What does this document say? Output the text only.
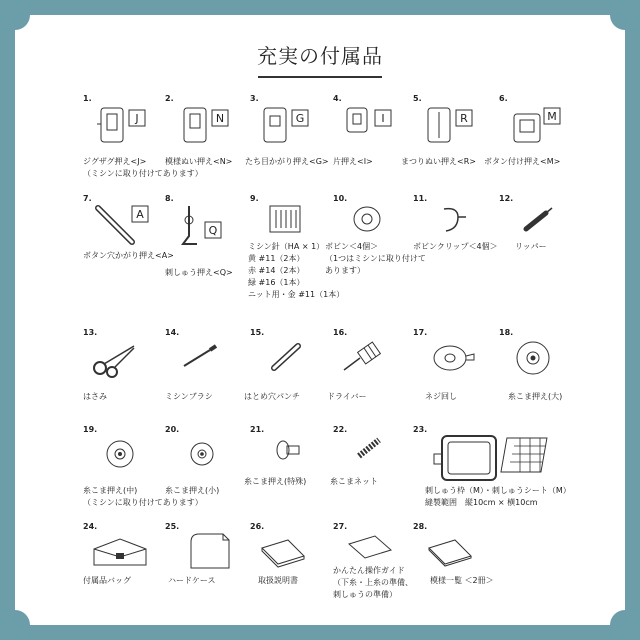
充実の付属品
1.
J
ジグザグ押え<J>
（ミシンに取り付けてあります）
2.
N
模様ぬい押え<N>
3.
G
たち目かがり押え<G>
4.
I
片押え<I>
5.
R
まつりぬい押え<R>
6.
M
ボタン付け押え<M>
7.
A
ボタン穴かがり押え<A>
8.
Q
刺しゅう押え<Q>
9.
ミシン針（HA × 1）
黄 #11（2本）
赤 #14（2本）
緑 #16（1本）
ニット用・金 #11（1本）
10.
ボビン＜4個＞
（1つはミシンに取り付けて
あります）
11.
ボビンクリップ＜4個＞
12.
リッパー
13.
はさみ
14.
ミシンブラシ
15.
はとめ穴パンチ
16.
ドライバー
17.
ネジ回し
18.
糸こま押え(大)
19.
糸こま押え(中)
（ミシンに取り付けてあります）
20.
糸こま押え(小)
21.
糸こま押え(特殊)
22.
糸こまネット
23.
刺しゅう枠（M）・刺しゅうシート（M）
縫製範囲　縦10cm × 横10cm
24.
付属品バッグ
25.
ハードケース
26.
取扱説明書
27.
かんたん操作ガイド
（下糸・上糸の準備、
刺しゅうの準備）
28.
模様一覧 ＜2冊＞
